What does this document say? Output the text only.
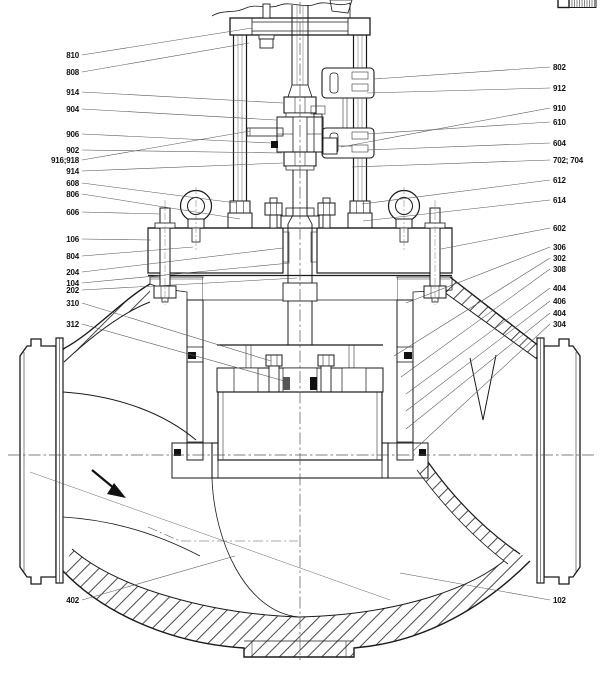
810
808
914
904
906
902
916;918
914
608
806
606
106
804
204
104
202
310
312
402
802
912
910
610
604
702; 704
612
614
602
306
302
308
404
406
404
304
102
